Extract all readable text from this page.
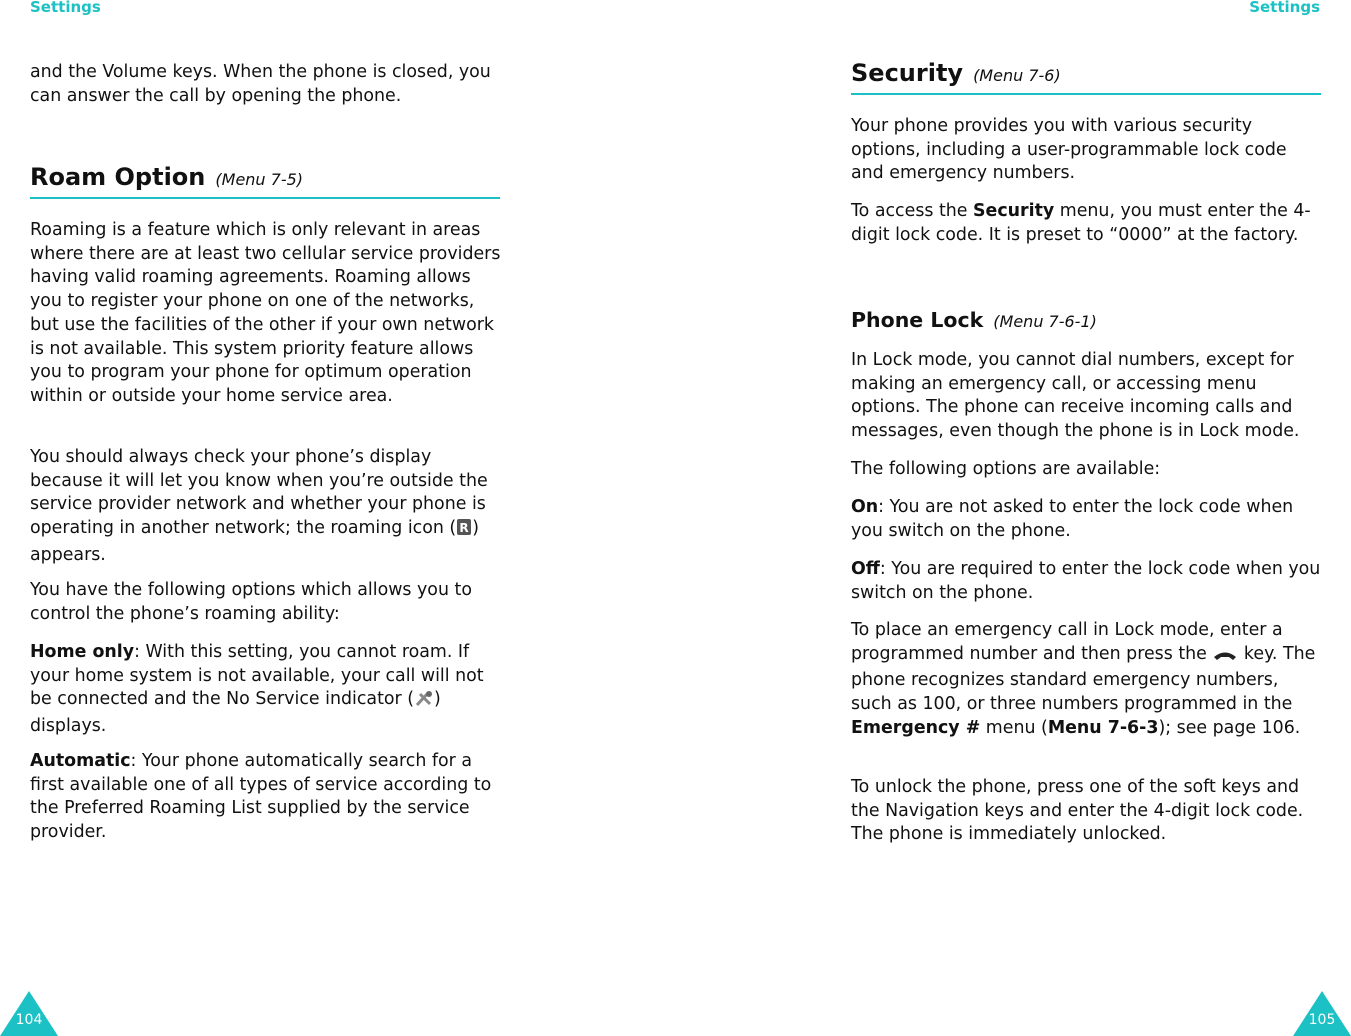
Settings	Settings
and the Volume keys. When the phone is closed, you can answer the call by opening the phone.
Roam Option (Menu 7-5)
Roaming is a feature which is only relevant in areas where there are at least two cellular service providers having valid roaming agreements. Roaming allows you to register your phone on one of the networks, but use the facilities of the other if your own network is not available. This system priority feature allows you to program your phone for optimum operation within or outside your home service area.
You should always check your phone’s display because it will let you know when you’re outside the service provider network and whether your phone is operating in another network; the roaming icon ( R ) appears.
You have the following options which allows you to control the phone’s roaming ability:
Home only: With this setting, you cannot roam. If your home system is not available, your call will not be connected and the No Service indicator ( ) displays.
Automatic: Your phone automatically search for a first available one of all types of service according to the Preferred Roaming List supplied by the service provider.
Security (Menu 7-6)
Your phone provides you with various security options, including a user-programmable lock code and emergency numbers.
To access the Security menu, you must enter the 4-digit lock code. It is preset to “0000” at the factory.
Phone Lock (Menu 7-6-1)
In Lock mode, you cannot dial numbers, except for making an emergency call, or accessing menu options. The phone can receive incoming calls and messages, even though the phone is in Lock mode.
The following options are available:
On: You are not asked to enter the lock code when you switch on the phone.
Off: You are required to enter the lock code when you switch on the phone.
To place an emergency call in Lock mode, enter a programmed number and then press the  key. The phone recognizes standard emergency numbers, such as 100, or three numbers programmed in the Emergency # menu (Menu 7-6-3); see page 106.
To unlock the phone, press one of the soft keys and the Navigation keys and enter the 4-digit lock code. The phone is immediately unlocked.
104	105
